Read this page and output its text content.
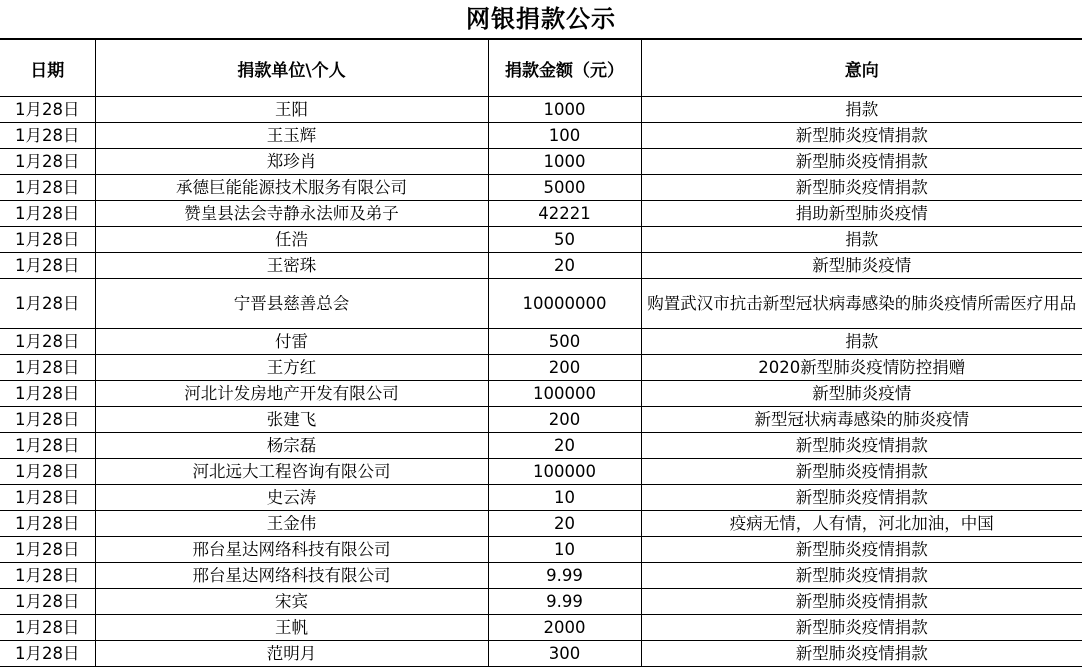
网银捐款公示
日期	捐款单位\个人	捐款金额（元）	意向
1月28日	王阳	1000	捐款
1月28日	王玉辉	100	新型肺炎疫情捐款
1月28日	郑珍肖	1000	新型肺炎疫情捐款
1月28日	承德巨能能源技术服务有限公司	5000	新型肺炎疫情捐款
1月28日	赞皇县法会寺静永法师及弟子	42221	捐助新型肺炎疫情
1月28日	任浩	50	捐款
1月28日	王密珠	20	新型肺炎疫情
1月28日	宁晋县慈善总会	10000000	购置武汉市抗击新型冠状病毒感染的肺炎疫情所需医疗用品
1月28日	付雷	500	捐款
1月28日	王方红	200	2020新型肺炎疫情防控捐赠
1月28日	河北计发房地产开发有限公司	100000	新型肺炎疫情
1月28日	张建飞	200	新型冠状病毒感染的肺炎疫情
1月28日	杨宗磊	20	新型肺炎疫情捐款
1月28日	河北远大工程咨询有限公司	100000	新型肺炎疫情捐款
1月28日	史云涛	10	新型肺炎疫情捐款
1月28日	王金伟	20	疫病无情，人有情，河北加油，中国
1月28日	邢台星达网络科技有限公司	10	新型肺炎疫情捐款
1月28日	邢台星达网络科技有限公司	9.99	新型肺炎疫情捐款
1月28日	宋宾	9.99	新型肺炎疫情捐款
1月28日	王帆	2000	新型肺炎疫情捐款
1月28日	范明月	300	新型肺炎疫情捐款
